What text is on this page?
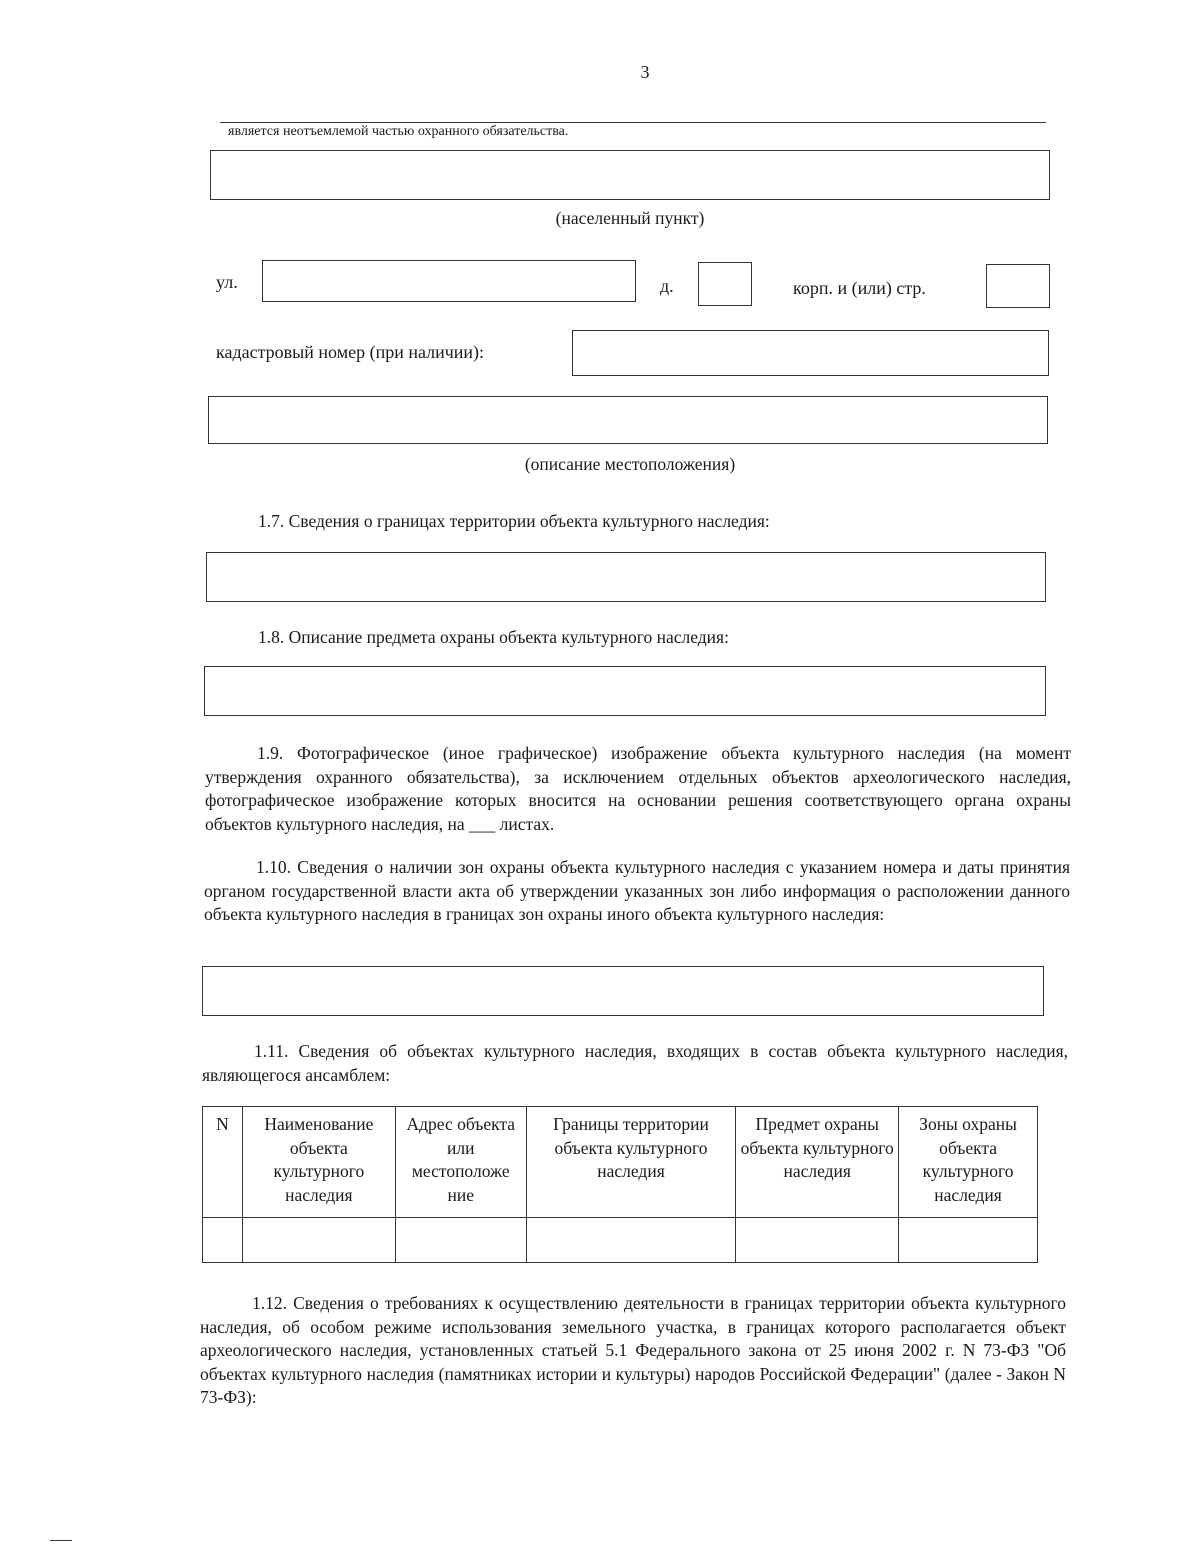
3
является неотъемлемой частью охранного обязательства.
(населенный пункт)
ул.	д.	корп. и (или) стр.
кадастровый номер (при наличии):
(описание местоположения)
1.7. Сведения о границах территории объекта культурного наследия:
1.8. Описание предмета охраны объекта культурного наследия:
1.9. Фотографическое (иное графическое) изображение объекта культурного наследия (на момент утверждения охранного обязательства), за исключением отдельных объектов археологического наследия, фотографическое изображение которых вносится на основании решения соответствующего органа охраны объектов культурного наследия, на ___ листах.
1.10. Сведения о наличии зон охраны объекта культурного наследия с указанием номера и даты принятия органом государственной власти акта об утверждении указанных зон либо информация о расположении данного объекта культурного наследия в границах зон охраны иного объекта культурного наследия:
1.11. Сведения об объектах культурного наследия, входящих в состав объекта культурного наследия, являющегося ансамблем:
N	Наименование объекта культурного наследия	Адрес объекта или местоположе ние	Границы территории объекта культурного наследия	Предмет охраны объекта культурного наследия	Зоны охраны объекта культурного наследия

1.12. Сведения о требованиях к осуществлению деятельности в границах территории объекта культурного наследия, об особом режиме использования земельного участка, в границах которого располагается объект археологического наследия, установленных статьей 5.1 Федерального закона от 25 июня 2002 г. N 73-ФЗ "Об объектах культурного наследия (памятниках истории и культуры) народов Российской Федерации" (далее - Закон N 73-ФЗ):
